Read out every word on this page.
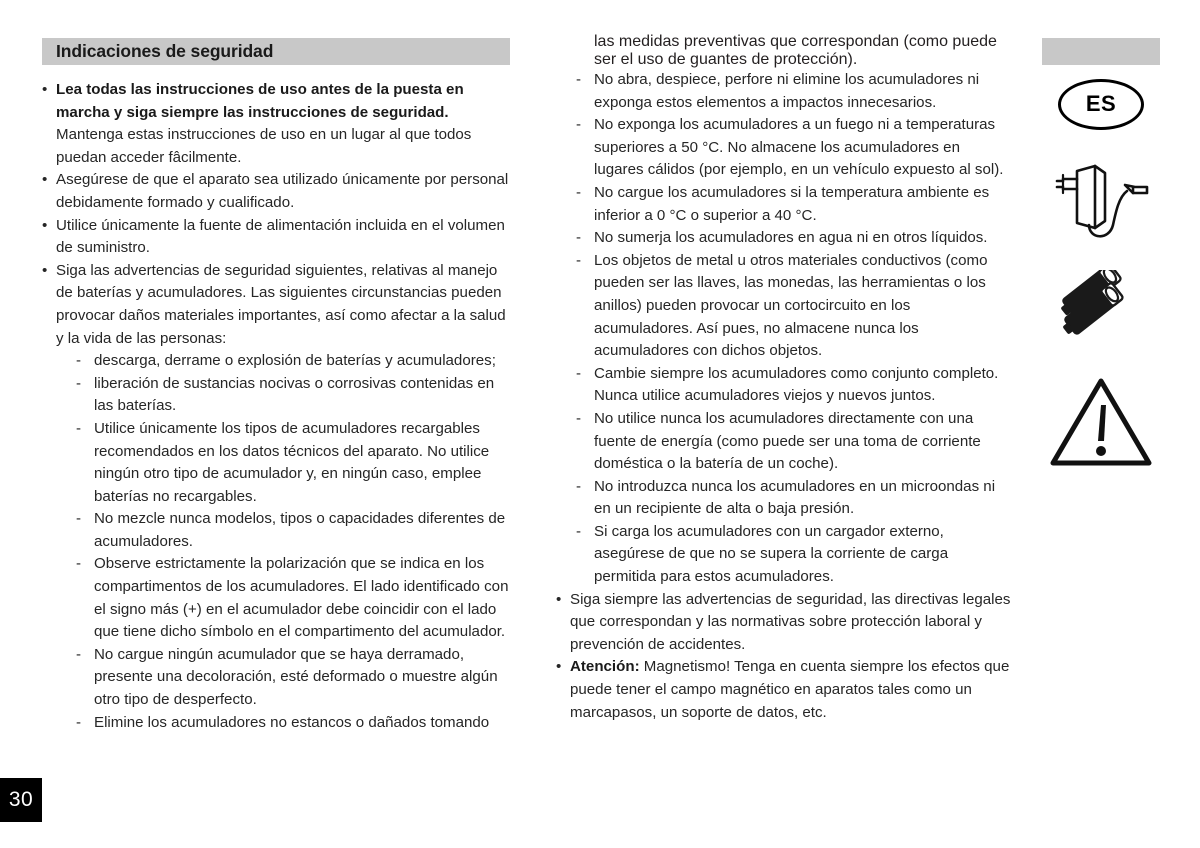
30
Indicaciones de seguridad
• Lea todas las instrucciones de uso antes de la puesta en marcha y siga siempre las instrucciones de seguridad. Mantenga estas instrucciones de uso en un lugar al que todos puedan acceder fâcilmente.
• Asegúrese de que el aparato sea utilizado únicamente por personal debidamente formado y cualificado.
• Utilice únicamente la fuente de alimentación incluida en el volumen de suministro.
• Siga las advertencias de seguridad siguientes, relativas al manejo de baterías y acumuladores. Las siguientes circunstancias pueden provocar daños materiales importantes, así como afectar a la salud y la vida de las personas:
- descarga, derrame o explosión de baterías y acumuladores;
- liberación de sustancias nocivas o corrosivas contenidas en las baterías.
- Utilice únicamente los tipos de acumuladores recargables recomendados en los datos técnicos del aparato. No utilice ningún otro tipo de acumulador y, en ningún caso, emplee baterías no recargables.
- No mezcle nunca modelos, tipos o capacidades diferentes de acumuladores.
- Observe estrictamente la polarización que se indica en los compartimentos de los acumuladores. El lado identificado con el signo más (+) en el acumulador debe coincidir con el lado que tiene dicho símbolo en el compartimento del acumulador.
- No cargue ningún acumulador que se haya derramado, presente una decoloración, esté deformado o muestre algún otro tipo de desperfecto.
- Elimine los acumuladores no estancos o dañados tomando
las medidas preventivas que correspondan (como puede ser el uso de guantes de protección).
- No abra, despiece, perfore ni elimine los acumuladores ni exponga estos elementos a impactos innecesarios.
- No exponga los acumuladores a un fuego ni a temperaturas superiores a 50 °C. No almacene los acumuladores en lugares cálidos (por ejemplo, en un vehículo expuesto al sol).
- No cargue los acumuladores si la temperatura ambiente es inferior a 0 °C o superior a 40 °C.
- No sumerja los acumuladores en agua ni en otros líquidos.
- Los objetos de metal u otros materiales conductivos (como pueden ser las llaves, las monedas, las herramientas o los anillos) pueden provocar un cortocircuito en los acumuladores. Así pues, no almacene nunca los acumuladores con dichos objetos.
- Cambie siempre los acumuladores como conjunto completo. Nunca utilice acumuladores viejos y nuevos juntos.
- No utilice nunca los acumuladores directamente con una fuente de energía (como puede ser una toma de corriente doméstica o la batería de un coche).
- No introduzca nunca los acumuladores en un microondas ni en un recipiente de alta o baja presión.
- Si carga los acumuladores con un cargador externo, asegúrese de que no se supera la corriente de carga permitida para estos acumuladores.
• Siga siempre las advertencias de seguridad, las directivas legales que correspondan y las normativas sobre protección laboral y prevención de accidentes.
• Atención: Magnetismo! Tenga en cuenta siempre los efectos que puede tener el campo magnético en aparatos tales como un marcapasos, un soporte de datos, etc.
ES
